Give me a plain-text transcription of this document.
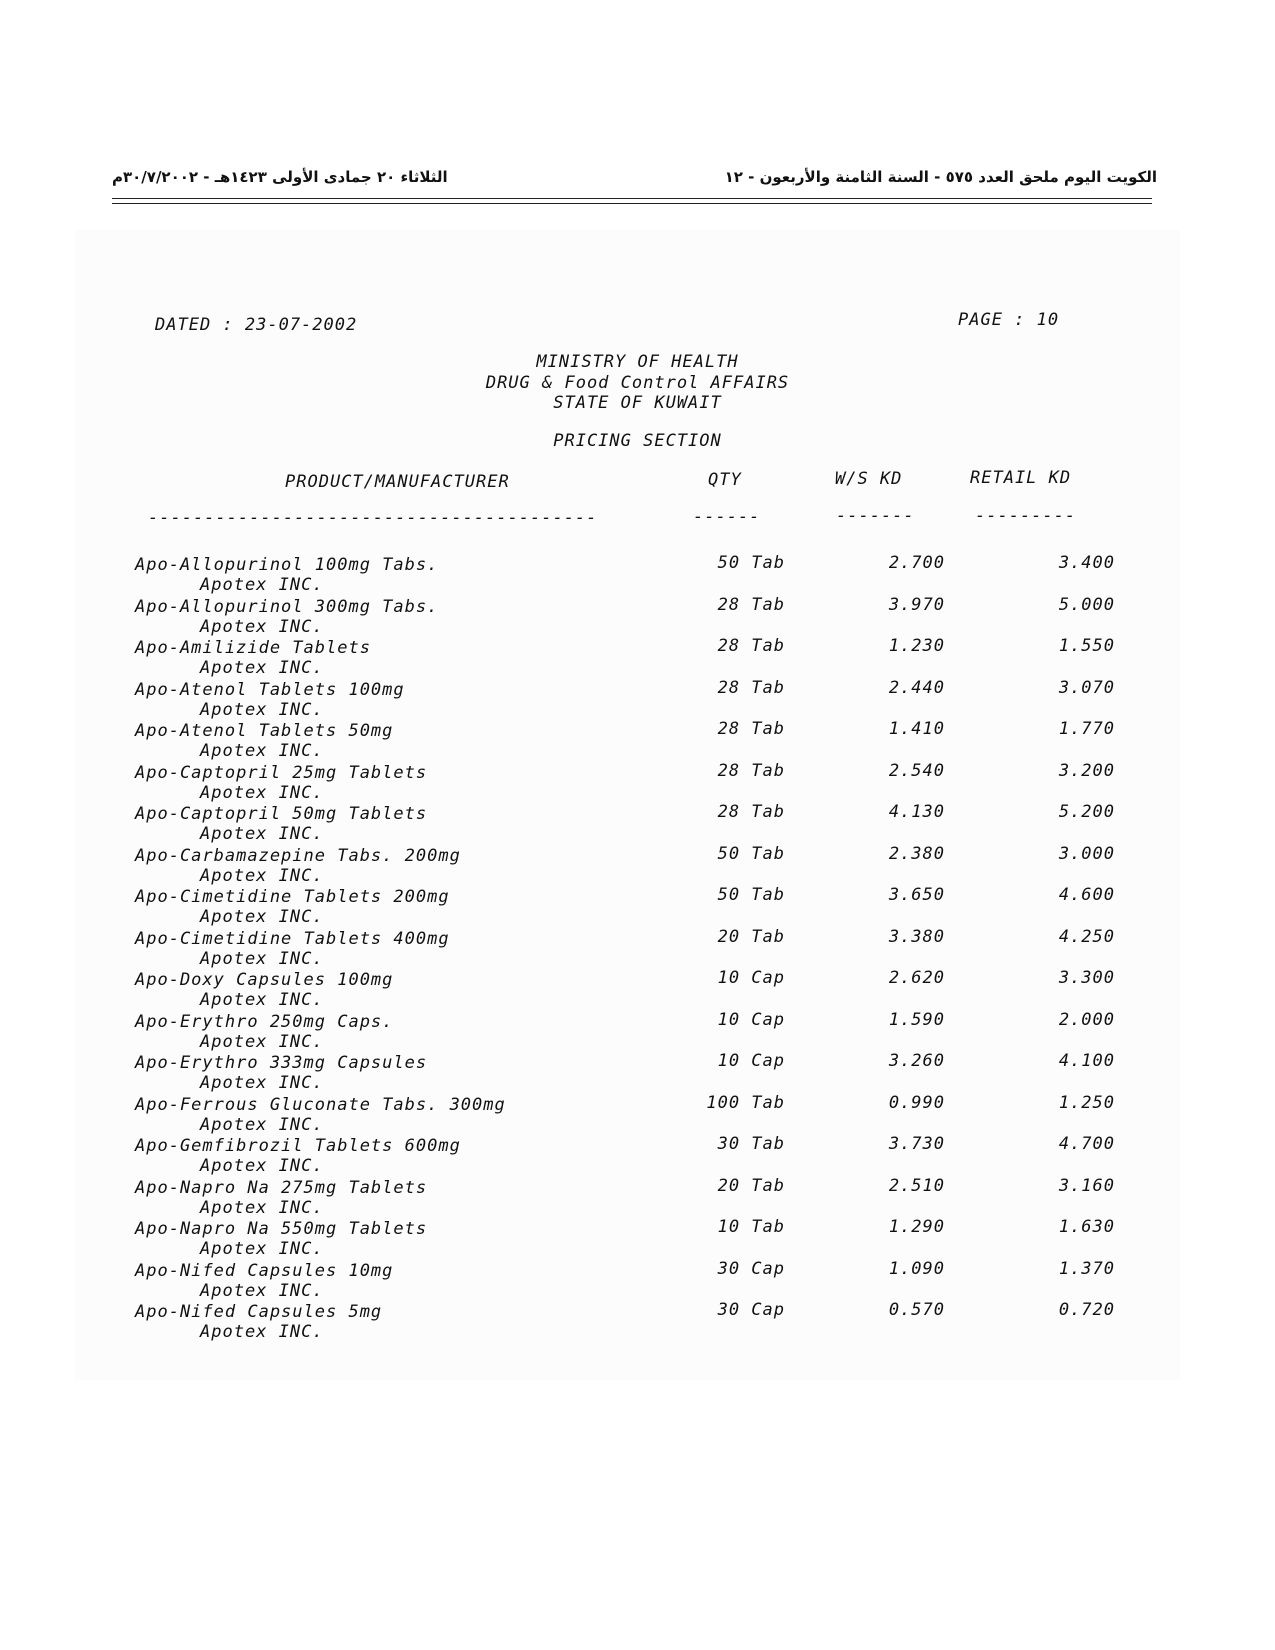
الثلاثاء ٢٠ جمادى الأولى ١٤٢٣هـ - ٣٠/٧/٢٠٠٢م	الكويت اليوم ملحق العدد ٥٧٥ - السنة الثامنة والأربعون - ١٢
DATED : 23-07-2002	PAGE : 10
MINISTRY OF HEALTH
DRUG & Food Control AFFAIRS
STATE OF KUWAIT
PRICING SECTION
PRODUCT/MANUFACTURER	QTY	W/S KD	RETAIL KD
----------------------------------------	------	-------	---------
Apo-Allopurinol 100mg Tabs.
Apotex INC.
50 Tab	2.700	3.400
Apo-Allopurinol 300mg Tabs.
Apotex INC.
28 Tab	3.970	5.000
Apo-Amilizide Tablets
Apotex INC.
28 Tab	1.230	1.550
Apo-Atenol Tablets 100mg
Apotex INC.
28 Tab	2.440	3.070
Apo-Atenol Tablets 50mg
Apotex INC.
28 Tab	1.410	1.770
Apo-Captopril 25mg Tablets
Apotex INC.
28 Tab	2.540	3.200
Apo-Captopril 50mg Tablets
Apotex INC.
28 Tab	4.130	5.200
Apo-Carbamazepine Tabs. 200mg
Apotex INC.
50 Tab	2.380	3.000
Apo-Cimetidine Tablets 200mg
Apotex INC.
50 Tab	3.650	4.600
Apo-Cimetidine Tablets 400mg
Apotex INC.
20 Tab	3.380	4.250
Apo-Doxy Capsules 100mg
Apotex INC.
10 Cap	2.620	3.300
Apo-Erythro 250mg Caps.
Apotex INC.
10 Cap	1.590	2.000
Apo-Erythro 333mg Capsules
Apotex INC.
10 Cap	3.260	4.100
Apo-Ferrous Gluconate Tabs. 300mg
Apotex INC.
100 Tab	0.990	1.250
Apo-Gemfibrozil Tablets 600mg
Apotex INC.
30 Tab	3.730	4.700
Apo-Napro Na 275mg Tablets
Apotex INC.
20 Tab	2.510	3.160
Apo-Napro Na 550mg Tablets
Apotex INC.
10 Tab	1.290	1.630
Apo-Nifed Capsules 10mg
Apotex INC.
30 Cap	1.090	1.370
Apo-Nifed Capsules 5mg
Apotex INC.
30 Cap	0.570	0.720
